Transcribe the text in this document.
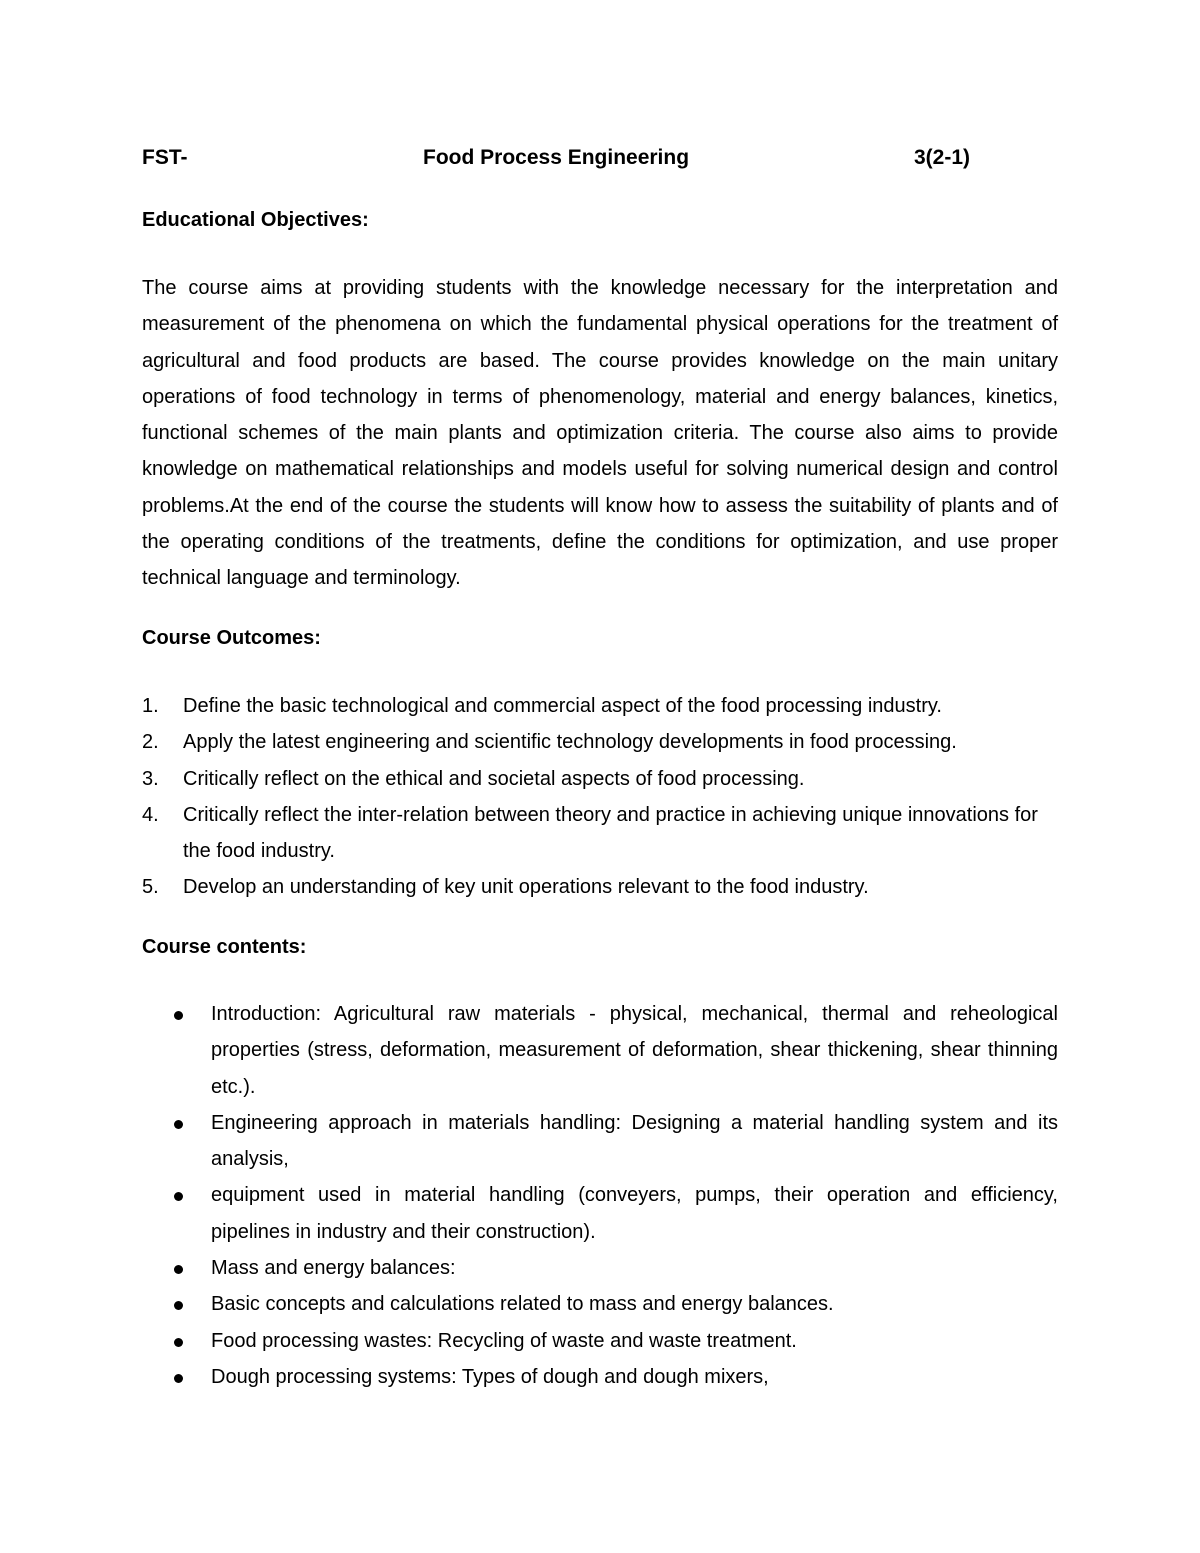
FST-	Food Process Engineering	3(2-1)
Educational Objectives:
The course aims at providing students with the knowledge necessary for the interpretation and measurement of the phenomena on which the fundamental physical operations for the treatment of agricultural and food products are based. The course provides knowledge on the main unitary operations of food technology in terms of phenomenology, material and energy balances, kinetics, functional schemes of the main plants and optimization criteria. The course also aims to provide knowledge on mathematical relationships and models useful for solving numerical design and control problems.At the end of the course the students will know how to assess the suitability of plants and of the operating conditions of the treatments, define the conditions for optimization, and use proper technical language and terminology.
Course Outcomes:
1. Define the basic technological and commercial aspect of the food processing industry.
2. Apply the latest engineering and scientific technology developments in food processing.
3. Critically reflect on the ethical and societal aspects of food processing.
4. Critically reflect the inter-relation between theory and practice in achieving unique innovations for the food industry.
5. Develop an understanding of key unit operations relevant to the food industry.
Course contents:
Introduction: Agricultural raw materials - physical, mechanical, thermal and reheological properties (stress, deformation, measurement of deformation, shear thickening, shear thinning etc.).
Engineering approach in materials handling: Designing a material handling system and its analysis,
equipment used in material handling (conveyers, pumps, their operation and efficiency, pipelines in industry and their construction).
Mass and energy balances:
Basic concepts and calculations related to mass and energy balances.
Food processing wastes: Recycling of waste and waste treatment.
Dough processing systems: Types of dough and dough mixers,
